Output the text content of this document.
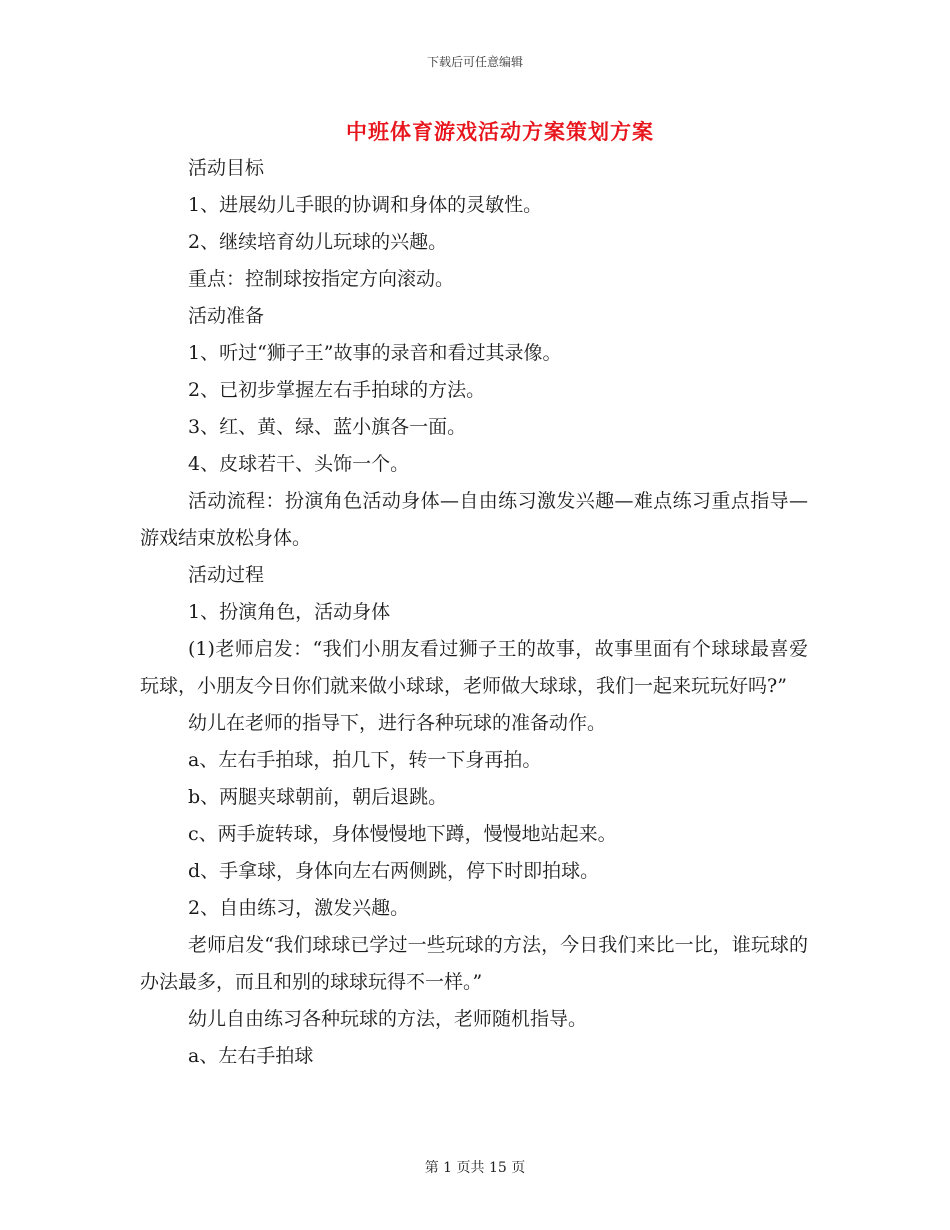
下载后可任意编辑
中班体育游戏活动方案策划方案

活动目标

1、进展幼儿手眼的协调和身体的灵敏性。

2、继续培育幼儿玩球的兴趣。

重点：控制球按指定方向滚动。

活动准备

1、听过“狮子王”故事的录音和看过其录像。

2、已初步掌握左右手拍球的方法。

3、红、黄、绿、蓝小旗各一面。

4、皮球若干、头饰一个。

活动流程：扮演角色活动身体—自由练习激发兴趣—难点练习重点指导—游戏结束放松身体。

活动过程

1、扮演角色，活动身体

(1)老师启发：“我们小朋友看过狮子王的故事，故事里面有个球球最喜爱玩球，小朋友今日你们就来做小球球，老师做大球球，我们一起来玩玩好吗?”

幼儿在老师的指导下，进行各种玩球的准备动作。

a、左右手拍球，拍几下，转一下身再拍。

b、两腿夹球朝前，朝后退跳。

c、两手旋转球，身体慢慢地下蹲，慢慢地站起来。

d、手拿球，身体向左右两侧跳，停下时即拍球。

2、自由练习，激发兴趣。

老师启发“我们球球已学过一些玩球的方法，今日我们来比一比，谁玩球的办法最多，而且和别的球球玩得不一样。”

幼儿自由练习各种玩球的方法，老师随机指导。

a、左右手拍球

第 1 页共 15 页
